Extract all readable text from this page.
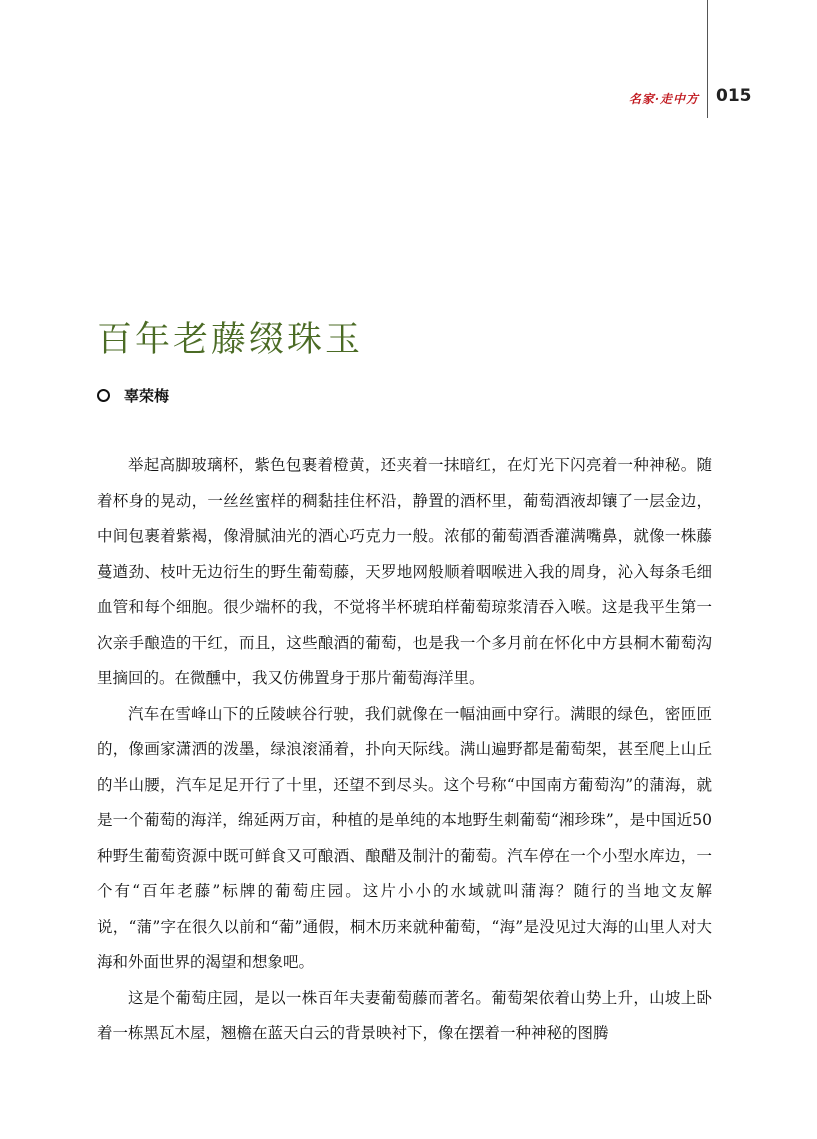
名家·走中方 015
百年老藤缀珠玉
辜荣梅

举起高脚玻璃杯，紫色包裹着橙黄，还夹着一抹暗红，在灯光下闪亮着一种神秘。随着杯身的晃动，一丝丝蜜样的稠黏挂住杯沿，静置的酒杯里，葡萄酒液却镶了一层金边，中间包裹着紫褐，像滑腻油光的酒心巧克力一般。浓郁的葡萄酒香灌满嘴鼻，就像一株藤蔓遒劲、枝叶无边衍生的野生葡萄藤，天罗地网般顺着咽喉进入我的周身，沁入每条毛细血管和每个细胞。很少端杯的我，不觉将半杯琥珀样葡萄琼浆清吞入喉。这是我平生第一次亲手酿造的干红，而且，这些酿酒的葡萄，也是我一个多月前在怀化中方县桐木葡萄沟里摘回的。在微醺中，我又仿佛置身于那片葡萄海洋里。

汽车在雪峰山下的丘陵峡谷行驶，我们就像在一幅油画中穿行。满眼的绿色，密匝匝的，像画家潇洒的泼墨，绿浪滚涌着，扑向天际线。满山遍野都是葡萄架，甚至爬上山丘的半山腰，汽车足足开行了十里，还望不到尽头。这个号称“中国南方葡萄沟”的蒲海，就是一个葡萄的海洋，绵延两万亩，种植的是单纯的本地野生刺葡萄“湘珍珠”，是中国近50种野生葡萄资源中既可鲜食又可酿酒、酿醋及制汁的葡萄。汽车停在一个小型水库边，一个有“百年老藤”标牌的葡萄庄园。这片小小的水域就叫蒲海？随行的当地文友解说，“蒲”字在很久以前和“葡”通假，桐木历来就种葡萄，“海”是没见过大海的山里人对大海和外面世界的渴望和想象吧。

这是个葡萄庄园，是以一株百年夫妻葡萄藤而著名。葡萄架依着山势上升，山坡上卧着一栋黑瓦木屋，翘檐在蓝天白云的背景映衬下，像在摆着一种神秘的图腾
